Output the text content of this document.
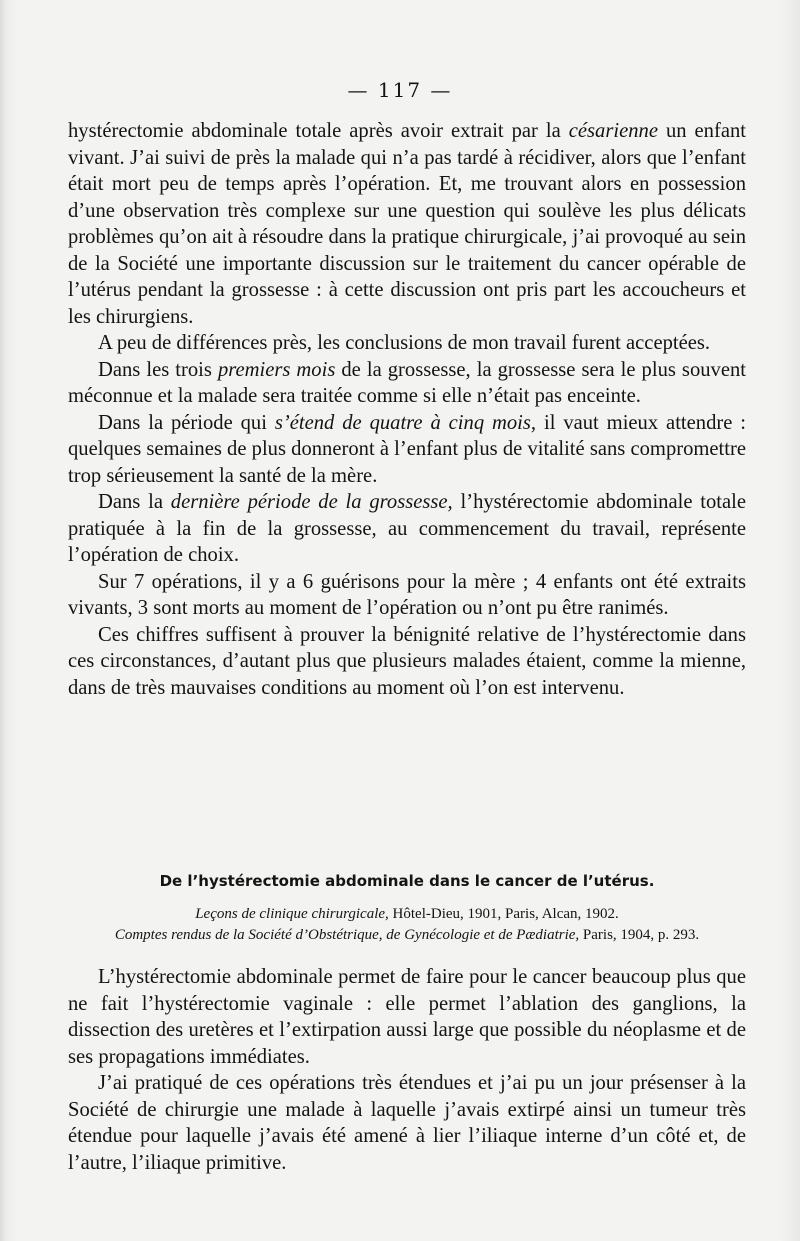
— 117 —

hystérectomie abdominale totale après avoir extrait par la césarienne un enfant vivant. J’ai suivi de près la malade qui n’a pas tardé à récidiver, alors que l’enfant était mort peu de temps après l’opération. Et, me trouvant alors en possession d’une observation très complexe sur une question qui soulève les plus délicats problèmes qu’on ait à résoudre dans la pratique chirurgicale, j’ai provoqué au sein de la Société une importante discussion sur le traitement du cancer opérable de l’utérus pendant la grossesse : à cette discussion ont pris part les accoucheurs et les chirurgiens.

A peu de différences près, les conclusions de mon travail furent acceptées.

Dans les trois premiers mois de la grossesse, la grossesse sera le plus souvent méconnue et la malade sera traitée comme si elle n’était pas enceinte.

Dans la période qui s’étend de quatre à cinq mois, il vaut mieux attendre : quelques semaines de plus donneront à l’enfant plus de vitalité sans compromettre trop sérieusement la santé de la mère.

Dans la dernière période de la grossesse, l’hystérectomie abdominale totale pratiquée à la fin de la grossesse, au commencement du travail, représente l’opération de choix.

Sur 7 opérations, il y a 6 guérisons pour la mère ; 4 enfants ont été extraits vivants, 3 sont morts au moment de l’opération ou n’ont pu être ranimés.

Ces chiffres suffisent à prouver la bénignité relative de l’hystérectomie dans ces circonstances, d’autant plus que plusieurs malades étaient, comme la mienne, dans de très mauvaises conditions au moment où l’on est intervenu.

De l’hystérectomie abdominale dans le cancer de l’utérus.

Leçons de clinique chirurgicale, Hôtel-Dieu, 1901, Paris, Alcan, 1902.

Comptes rendus de la Société d’Obstétrique, de Gynécologie et de Pædiatrie, Paris, 1904, p. 293.

L’hystérectomie abdominale permet de faire pour le cancer beaucoup plus que ne fait l’hystérectomie vaginale : elle permet l’ablation des ganglions, la dissection des uretères et l’extirpation aussi large que possible du néoplasme et de ses propagations immédiates.

J’ai pratiqué de ces opérations très étendues et j’ai pu un jour présenser à la Société de chirurgie une malade à laquelle j’avais extirpé ainsi un tumeur très étendue pour laquelle j’avais été amené à lier l’iliaque interne d’un côté et, de l’autre, l’iliaque primitive.
